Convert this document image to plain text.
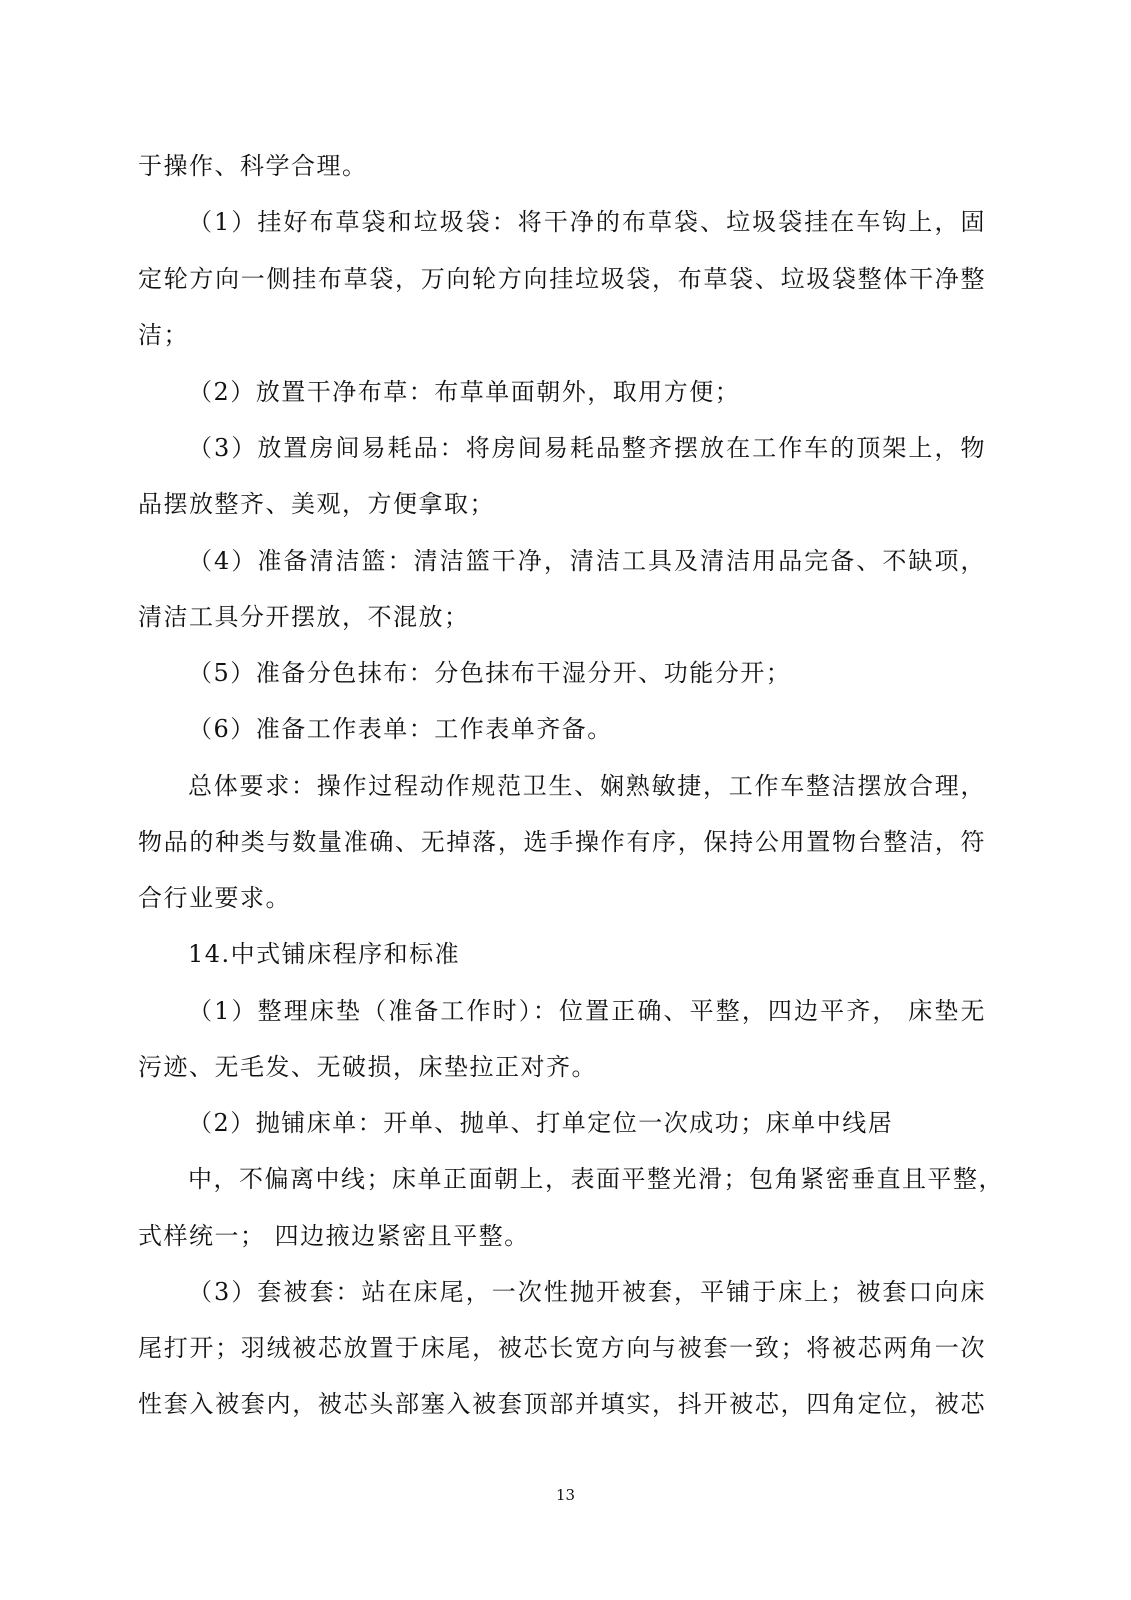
于操作、科学合理。
（1）挂好布草袋和垃圾袋：将干净的布草袋、垃圾袋挂在车钩上，固
定轮方向一侧挂布草袋，万向轮方向挂垃圾袋，布草袋、垃圾袋整体干净整
洁；
（2）放置干净布草：布草单面朝外，取用方便；
（3）放置房间易耗品：将房间易耗品整齐摆放在工作车的顶架上，物
品摆放整齐、美观，方便拿取；
（4）准备清洁篮：清洁篮干净，清洁工具及清洁用品完备、不缺项，
清洁工具分开摆放，不混放；
（5）准备分色抹布：分色抹布干湿分开、功能分开；
（6）准备工作表单：工作表单齐备。
总体要求：操作过程动作规范卫生、娴熟敏捷，工作车整洁摆放合理，
物品的种类与数量准确、无掉落，选手操作有序，保持公用置物台整洁，符
合行业要求。
14.中式铺床程序和标准
（1）整理床垫（准备工作时）：位置正确、平整，四边平齐， 床垫无
污迹、无毛发、无破损，床垫拉正对齐。
（2）抛铺床单：开单、抛单、打单定位一次成功；床单中线居
中，不偏离中线；床单正面朝上，表面平整光滑；包角紧密垂直且平整，
式样统一； 四边掖边紧密且平整。
（3）套被套：站在床尾，一次性抛开被套，平铺于床上；被套口向床
尾打开；羽绒被芯放置于床尾，被芯长宽方向与被套一致；将被芯两角一次
性套入被套内，被芯头部塞入被套顶部并填实，抖开被芯，四角定位，被芯
13
